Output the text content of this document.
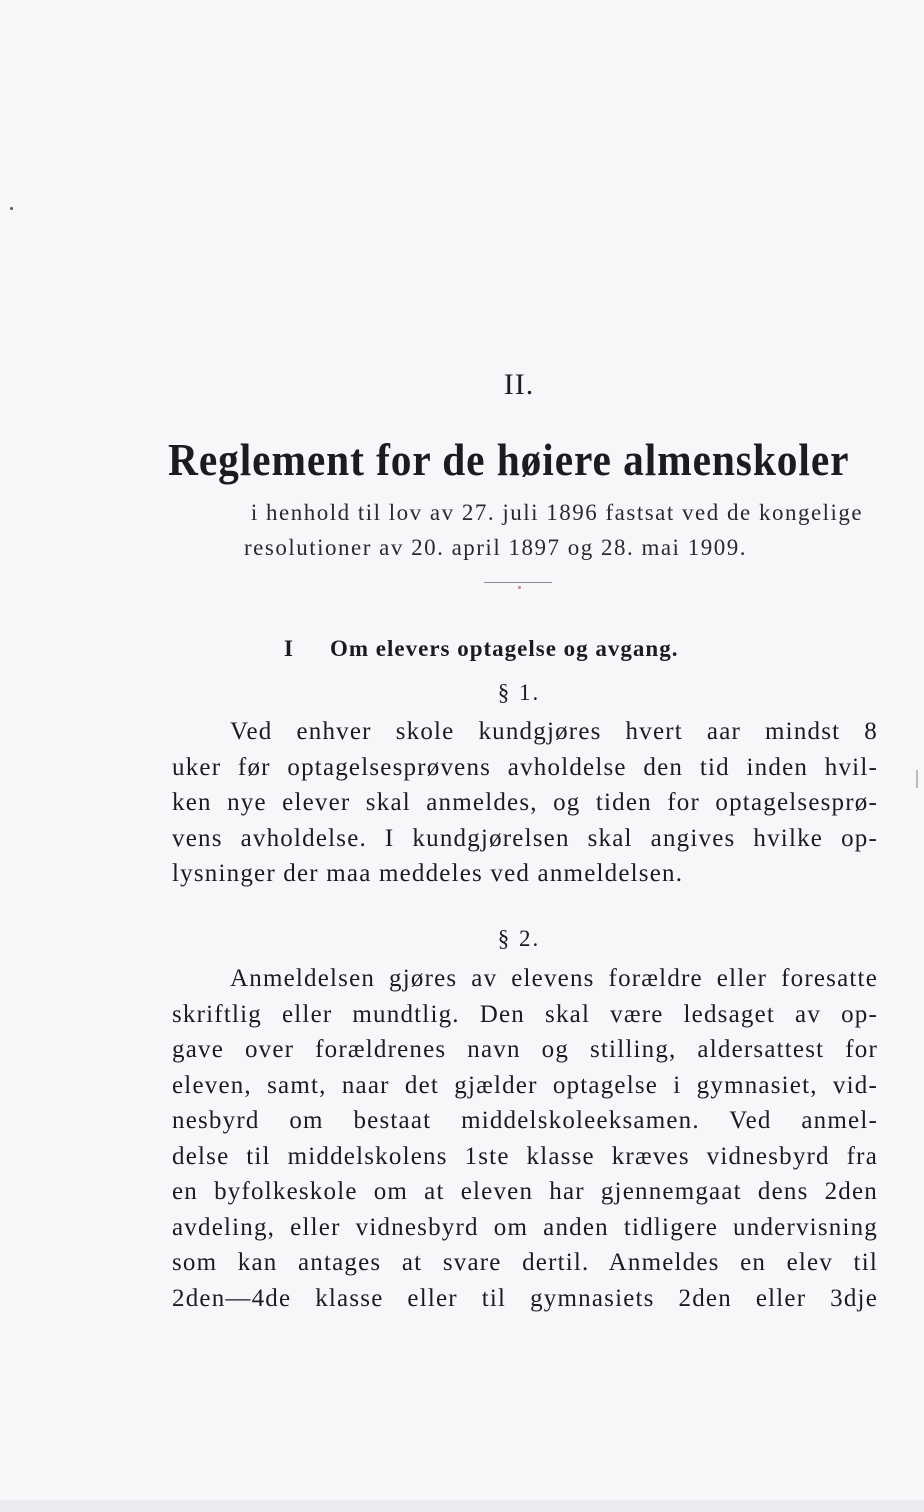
II.
Reglement for de høiere almenskoler
i henhold til lov av 27. juli 1896 fastsat ved de kongelige
resolutioner av 20. april 1897 og 28. mai 1909.
I Om elevers optagelse og avgang.
§ 1.
Ved enhver skole kundgjøres hvert aar mindst 8
uker før optagelsesprøvens avholdelse den tid inden hvil-
ken nye elever skal anmeldes, og tiden for optagelsesprø-
vens avholdelse. I kundgjørelsen skal angives hvilke op-
lysninger der maa meddeles ved anmeldelsen.
§ 2.
Anmeldelsen gjøres av elevens forældre eller foresatte
skriftlig eller mundtlig. Den skal være ledsaget av op-
gave over forældrenes navn og stilling, aldersattest for
eleven, samt, naar det gjælder optagelse i gymnasiet, vid-
nesbyrd om bestaat middelskoleeksamen. Ved anmel-
delse til middelskolens 1ste klasse kræves vidnesbyrd fra
en byfolkeskole om at eleven har gjennemgaat dens 2den
avdeling, eller vidnesbyrd om anden tidligere undervisning
som kan antages at svare dertil. Anmeldes en elev til
2den—4de klasse eller til gymnasiets 2den eller 3dje
